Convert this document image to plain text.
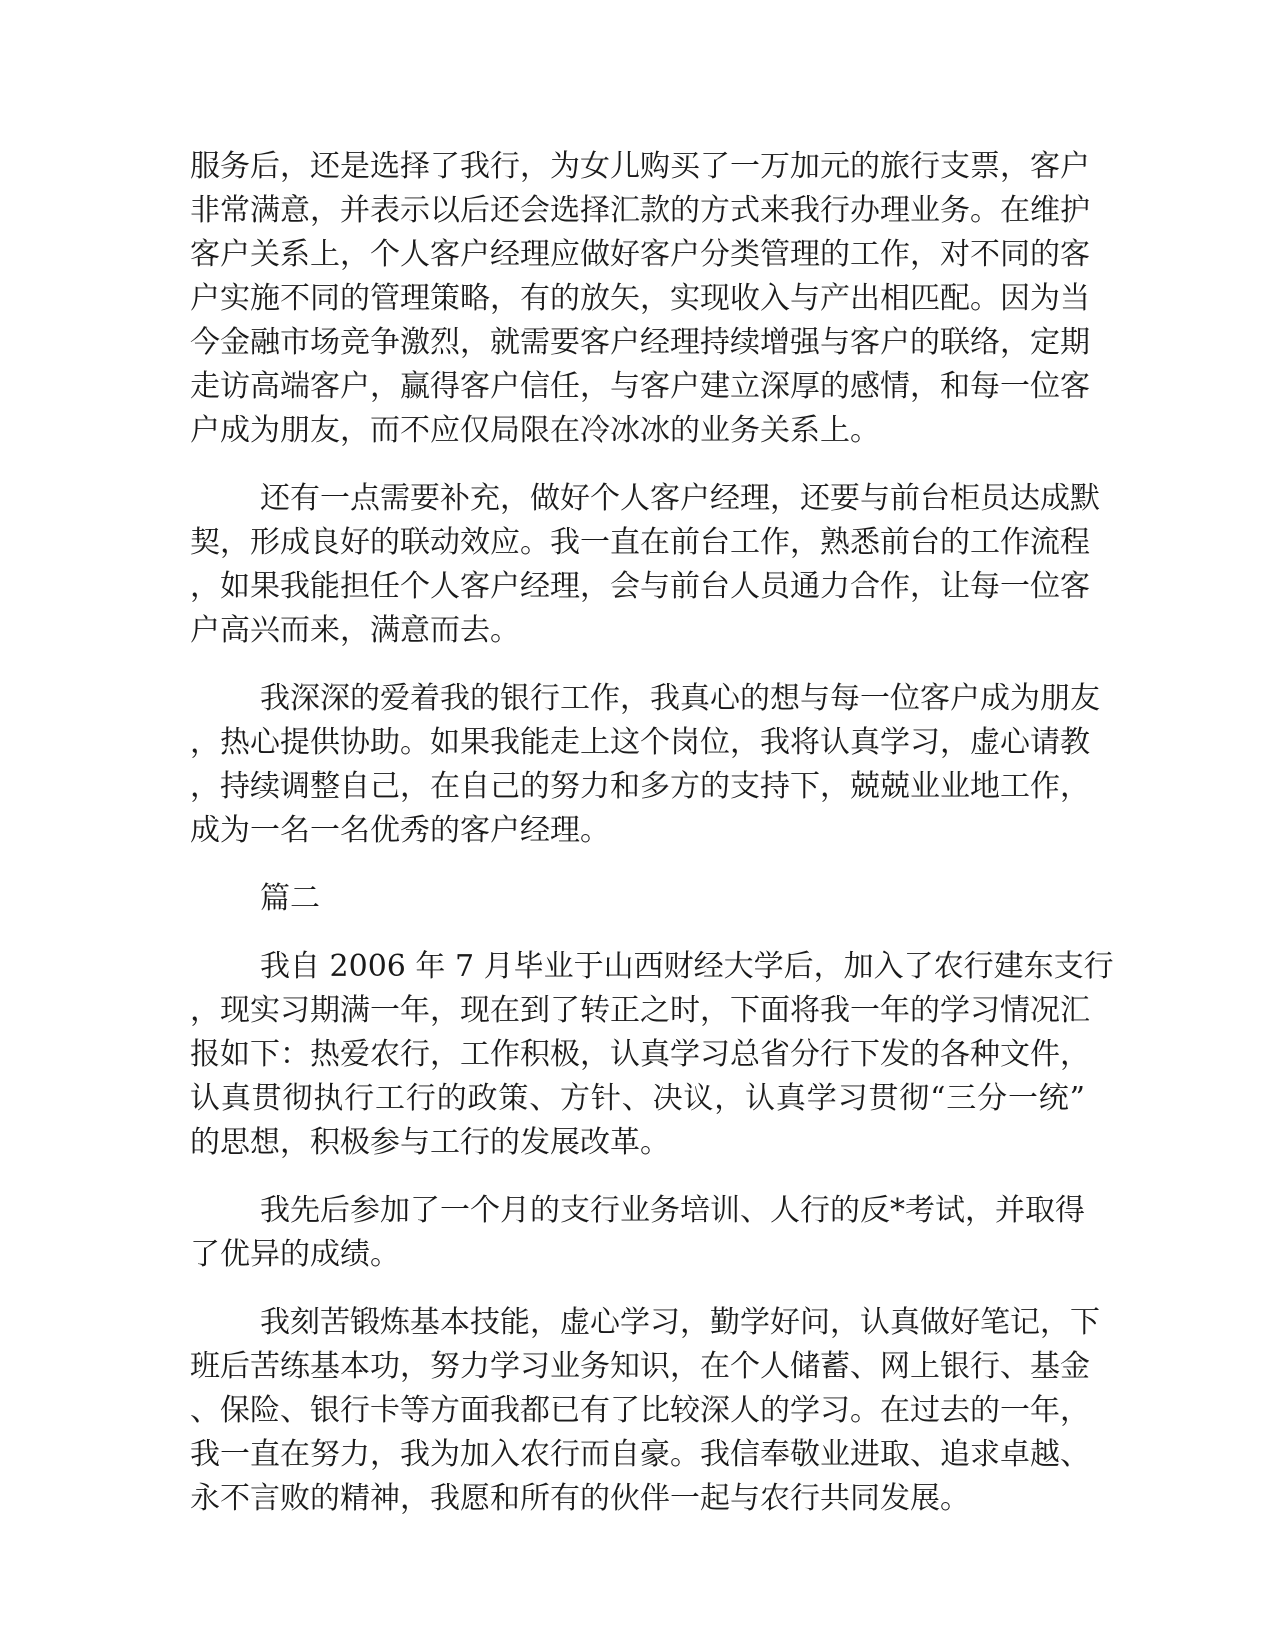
服务后，还是选择了我行，为女儿购买了一万加元的旅行支票，客户
非常满意，并表示以后还会选择汇款的方式来我行办理业务。在维护
客户关系上，个人客户经理应做好客户分类管理的工作，对不同的客
户实施不同的管理策略，有的放矢，实现收入与产出相匹配。因为当
今金融市场竞争激烈，就需要客户经理持续增强与客户的联络，定期
走访高端客户，赢得客户信任，与客户建立深厚的感情，和每一位客
户成为朋友，而不应仅局限在冷冰冰的业务关系上。
还有一点需要补充，做好个人客户经理，还要与前台柜员达成默
契，形成良好的联动效应。我一直在前台工作，熟悉前台的工作流程
，如果我能担任个人客户经理，会与前台人员通力合作，让每一位客
户高兴而来，满意而去。
我深深的爱着我的银行工作，我真心的想与每一位客户成为朋友
，热心提供协助。如果我能走上这个岗位，我将认真学习，虚心请教
，持续调整自己，在自己的努力和多方的支持下，兢兢业业地工作，
成为一名一名优秀的客户经理。
篇二
我自 2006 年 7 月毕业于山西财经大学后，加入了农行建东支行
，现实习期满一年，现在到了转正之时，下面将我一年的学习情况汇
报如下：热爱农行，工作积极，认真学习总省分行下发的各种文件，
认真贯彻执行工行的政策、方针、决议，认真学习贯彻“三分一统”
的思想，积极参与工行的发展改革。
我先后参加了一个月的支行业务培训、人行的反*考试，并取得
了优异的成绩。
我刻苦锻炼基本技能，虚心学习，勤学好问，认真做好笔记，下
班后苦练基本功，努力学习业务知识，在个人储蓄、网上银行、基金
、保险、银行卡等方面我都已有了比较深人的学习。在过去的一年，
我一直在努力，我为加入农行而自豪。我信奉敬业进取、追求卓越、
永不言败的精神，我愿和所有的伙伴一起与农行共同发展。
